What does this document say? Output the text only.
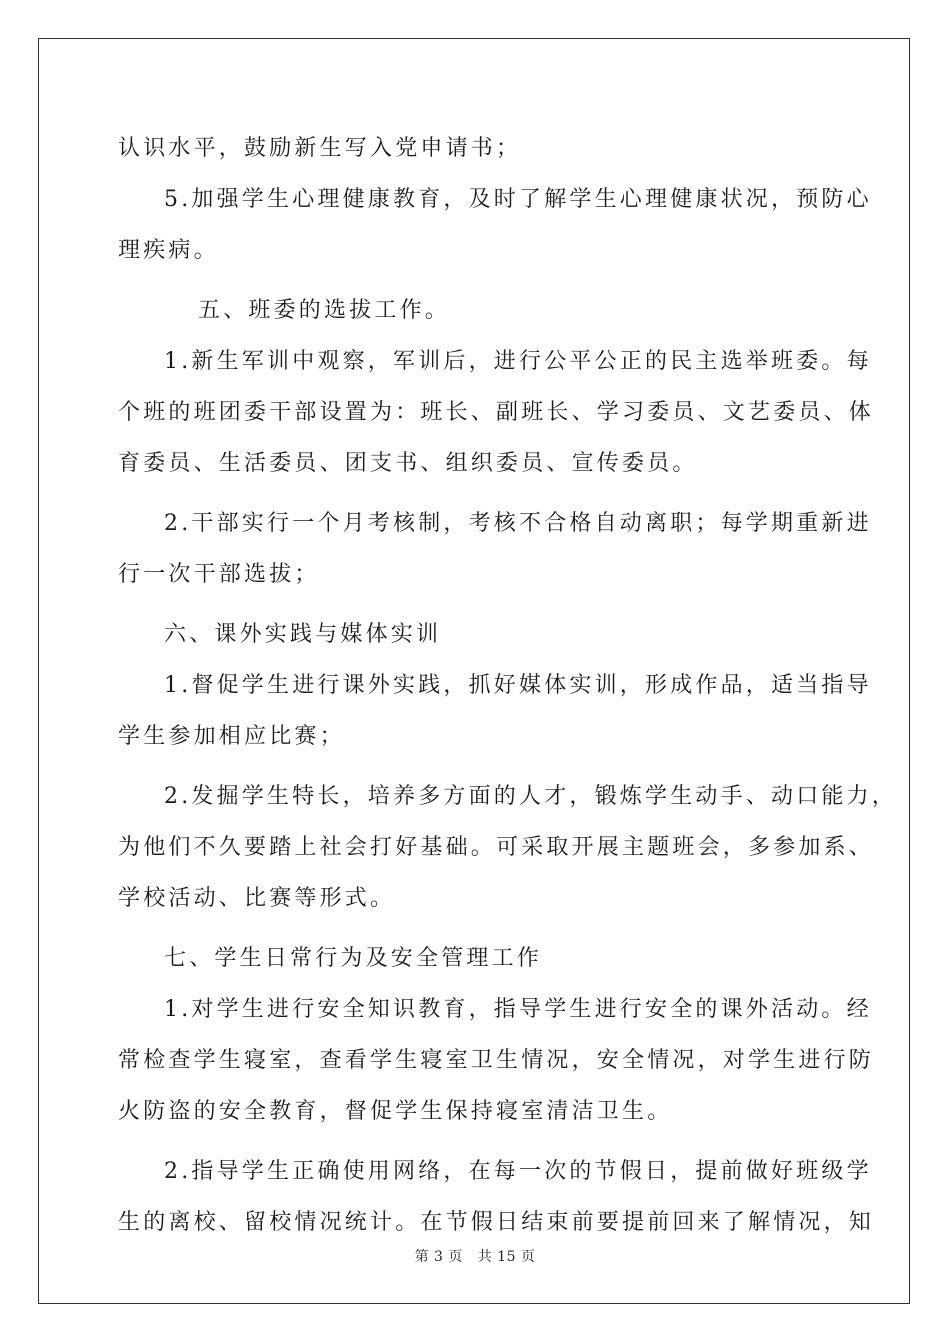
认识水平，鼓励新生写入党申请书；
5.加强学生心理健康教育，及时了解学生心理健康状况，预防心
理疾病。
五、班委的选拔工作。
1.新生军训中观察，军训后，进行公平公正的民主选举班委。每
个班的班团委干部设置为：班长、副班长、学习委员、文艺委员、体
育委员、生活委员、团支书、组织委员、宣传委员。
2.干部实行一个月考核制，考核不合格自动离职；每学期重新进
行一次干部选拔；
六、课外实践与媒体实训
1.督促学生进行课外实践，抓好媒体实训，形成作品，适当指导
学生参加相应比赛；
2.发掘学生特长，培养多方面的人才，锻炼学生动手、动口能力，
为他们不久要踏上社会打好基础。可采取开展主题班会，多参加系、
学校活动、比赛等形式。
七、学生日常行为及安全管理工作
1.对学生进行安全知识教育，指导学生进行安全的课外活动。经
常检查学生寝室，查看学生寝室卫生情况，安全情况，对学生进行防
火防盗的安全教育，督促学生保持寝室清洁卫生。
2.指导学生正确使用网络，在每一次的节假日，提前做好班级学
生的离校、留校情况统计。在节假日结束前要提前回来了解情况，知
第 3 页   共 15 页
